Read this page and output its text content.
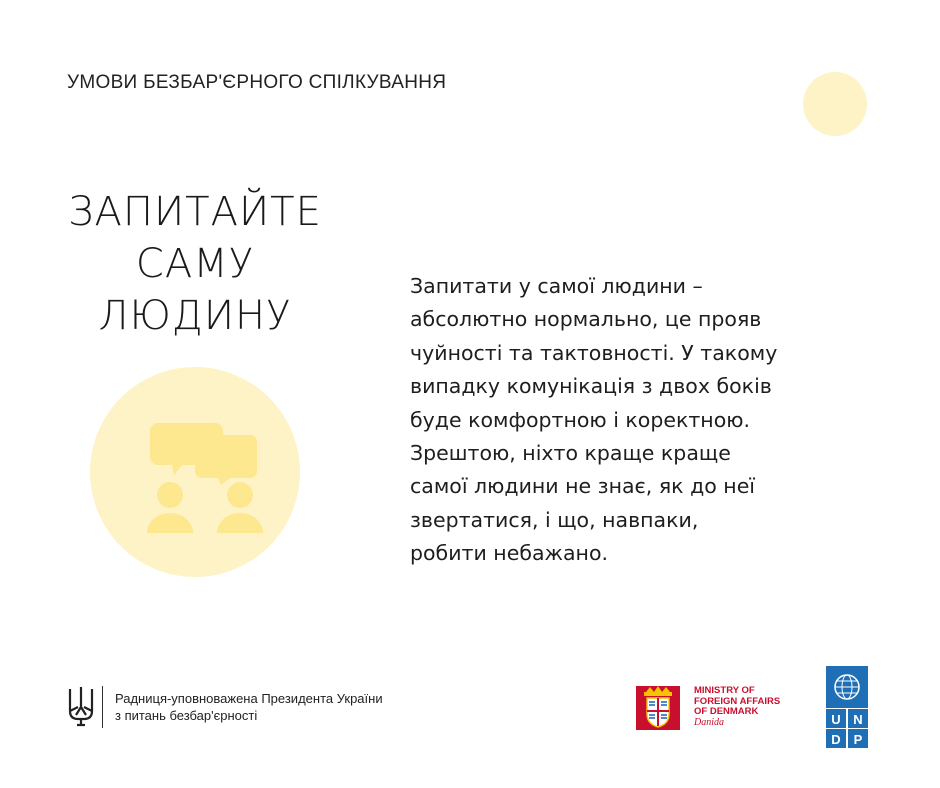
УМОВИ БЕЗБАР'ЄРНОГО СПІЛКУВАННЯ
ЗАПИТАЙТЕ
САМУ
ЛЮДИНУ
Запитати у самої людини –
абсолютно нормально, це прояв
чуйності та тактовності. У такому
випадку комунікація з двох боків
буде комфортною і коректною.
Зрештою, ніхто краще краще
самої людини не знає, як до неї
звертатися, і що, навпаки,
робити небажано.
Радниця-уповноважена Президента України
з питань безбар'єрності
MINISTRY OF
FOREIGN AFFAIRS
OF DENMARK
Danida	U N
D P
